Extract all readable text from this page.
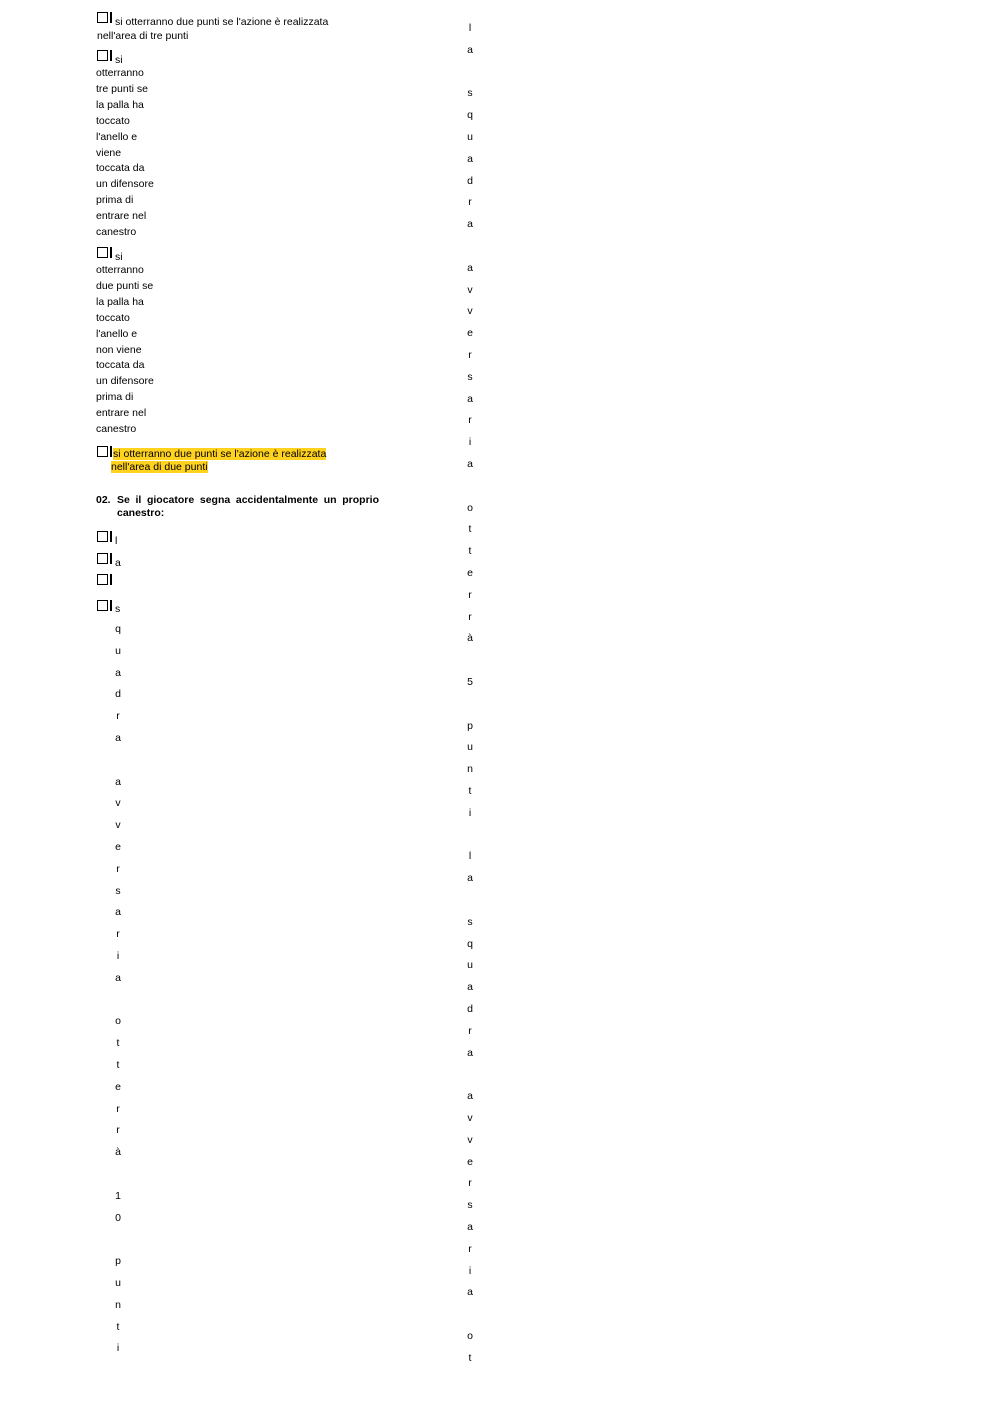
si otterranno due punti se l'azione è realizzata
nell'area di tre punti
si
otterranno
tre punti se
la palla ha
toccato
l'anello e
viene
toccata da
un difensore
prima di
entrare nel
canestro
si
otterranno
due punti se
la palla ha
toccato
l'anello e
non viene
toccata da
un difensore
prima di
entrare nel
canestro
si otterranno due punti se l'azione è realizzata
nell'area di due punti
02. Se il giocatore segna accidentalmente un proprio
canestro:
l
a
s
q
u
a
d
r
a
a
v
v
e
r
s
a
r
i
a
o
t
t
e
r
r
à
1
0
p
u
n
t
i
l
a
s
q
u
a
d
r
a
a
v
v
e
r
s
a
r
i
a
o
t
t
e
r
r
à
5
p
u
n
t
i
l
a
s
q
u
a
d
r
a
a
v
v
e
r
s
a
r
i
a
o
t
